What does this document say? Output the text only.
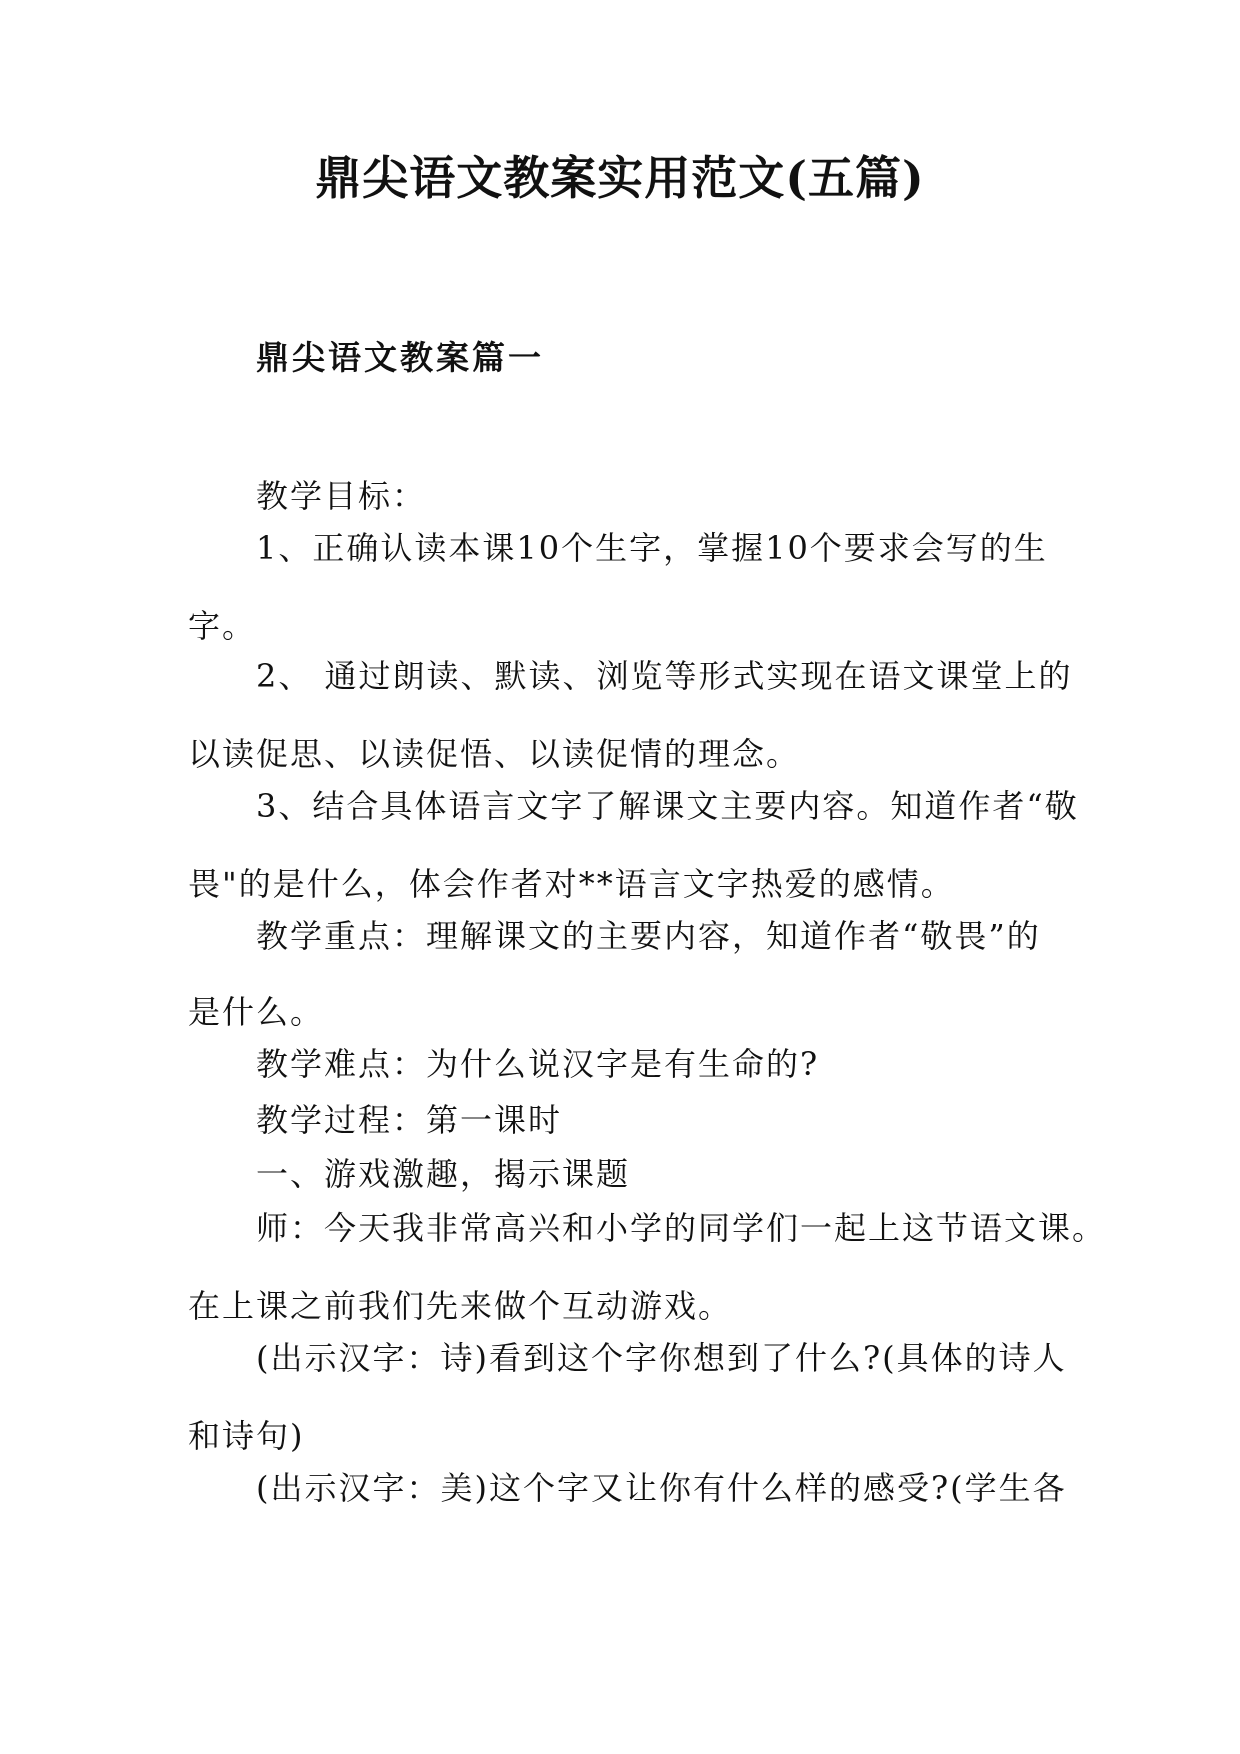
鼎尖语文教案实用范文(五篇)
鼎尖语文教案篇一
教学目标：
1、正确认读本课10个生字，掌握10个要求会写的生
字。
2、 通过朗读、默读、浏览等形式实现在语文课堂上的
以读促思、以读促悟、以读促情的理念。
3、结合具体语言文字了解课文主要内容。知道作者“敬
畏"的是什么，体会作者对**语言文字热爱的感情。
教学重点：理解课文的主要内容，知道作者“敬畏”的
是什么。
教学难点：为什么说汉字是有生命的?
教学过程：第一课时
一、游戏激趣，揭示课题
师：今天我非常高兴和小学的同学们一起上这节语文课。
在上课之前我们先来做个互动游戏。
(出示汉字：诗)看到这个字你想到了什么?(具体的诗人
和诗句)
(出示汉字：美)这个字又让你有什么样的感受?(学生各
